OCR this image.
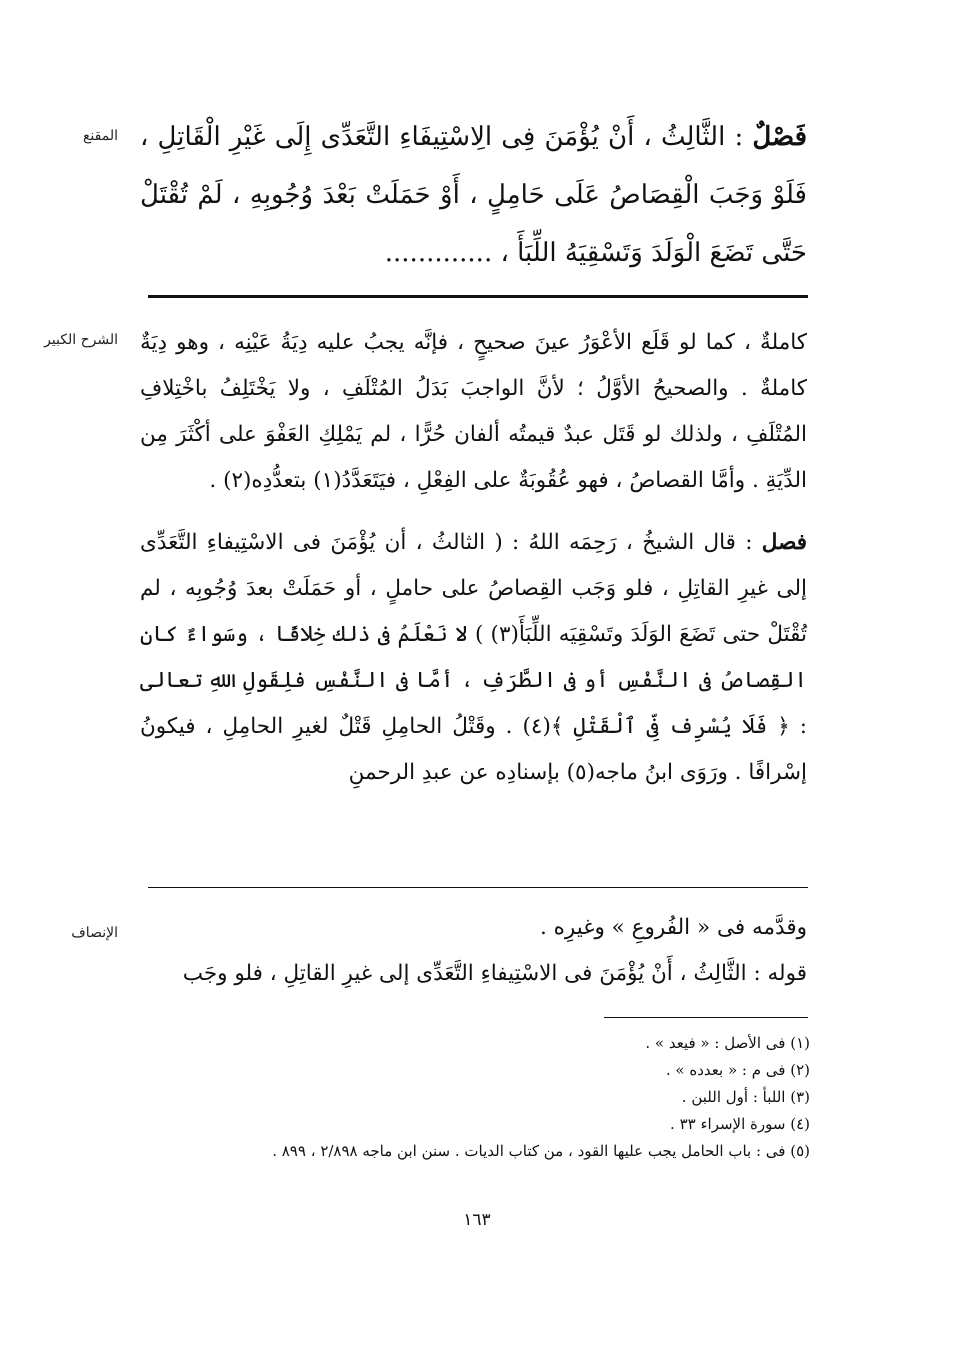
المقنع
الشرح الكبير
الإنصاف

فَصْلٌ : الثَّالِثُ ، أَنْ يُؤْمَنَ فِى الِاسْتِيفَاءِ التَّعَدِّى إِلَى غَيْرِ الْقَاتِلِ ، فَلَوْ وَجَبَ الْقِصَاصُ عَلَى حَامِلٍ ، أَوْ حَمَلَتْ بَعْدَ وُجُوبِهِ ، لَمْ تُقْتَلْ حَتَّى تَضَعَ الْوَلَدَ وَتَسْقِيَهُ اللِّبَأَ ، .............

كاملةٌ ، كما لو قَلَع الأعْوَرُ عينَ صحيحٍ ، فإنَّه يجبُ عليه دِيَةُ عَيْنِه ، وهو دِيَةٌ كاملةٌ . والصحيحُ الأوَّلُ ؛ لأنَّ الواجبَ بَدَلُ المُتْلَفِ ، ولا يَخْتَلِفُ باخْتِلافِ المُتْلَفِ ، ولذلك لو قَتَل عبدٌ قيمتُه ألفان حُرًّا ، لم يَمْلِكِ العَفْوَ على أكْثَرَ مِن الدِّيَةِ . وأمَّا القصاصُ ، فهو عُقُوبَةٌ على الفِعْلِ ، فيَتَعَدَّدُ(١) بتعدُّدِه(٢) .

فصل : قال الشيخُ ، رَحِمَه اللهُ : ( الثالثُ ، أن يُؤْمَنَ فى الاسْتِيفاءِ التَّعَدِّى إلى غيرِ القاتِلِ ، فلو وَجَب القِصاصُ على حاملٍ ، أو حَمَلَتْ بعدَ وُجُوبِه ، لم تُقْتَلْ حتى تَضَعَ الوَلَدَ وتَسْقِيَه اللِّبَأَ(٣) ) لا نَعْلَمُ فى ذلك خِلافًا ، وسَواءٌ كان القِصاصُ فى النَّفْسِ أو فى الطَّرَفِ ، أمَّا فى النَّفْسِ فلِقَولِ اللهِ تعالى : ﴿ فَلَا يُسْرِف فِّى ٱلْقَتْلِ ﴾(٤) . وقَتْلُ الحامِلِ قَتْلٌ لغيرِ الحامِلِ ، فيكونُ إسْرافًا . ورَوَى ابنُ ماجه(٥) بإسنادِه عن عبدِ الرحمنِ

وقدَّمه فى « الفُروعِ » وغيرِه .

قوله : الثَّالِثُ ، أَنْ يُؤْمَنَ فى الاسْتِيفاءِ التَّعَدِّى إلى غيرِ القاتِلِ ، فلو وجَب

(١) فى الأصل : « فيعد » .

(٢) فى م : « بعدده » .

(٣) اللبأ : أول اللبن .

(٤) سورة الإسراء ٣٣ .

(٥) فى : باب الحامل يجب عليها القود ، من كتاب الديات . سنن ابن ماجه ٢/٨٩٨ ، ٨٩٩ .

١٦٣
